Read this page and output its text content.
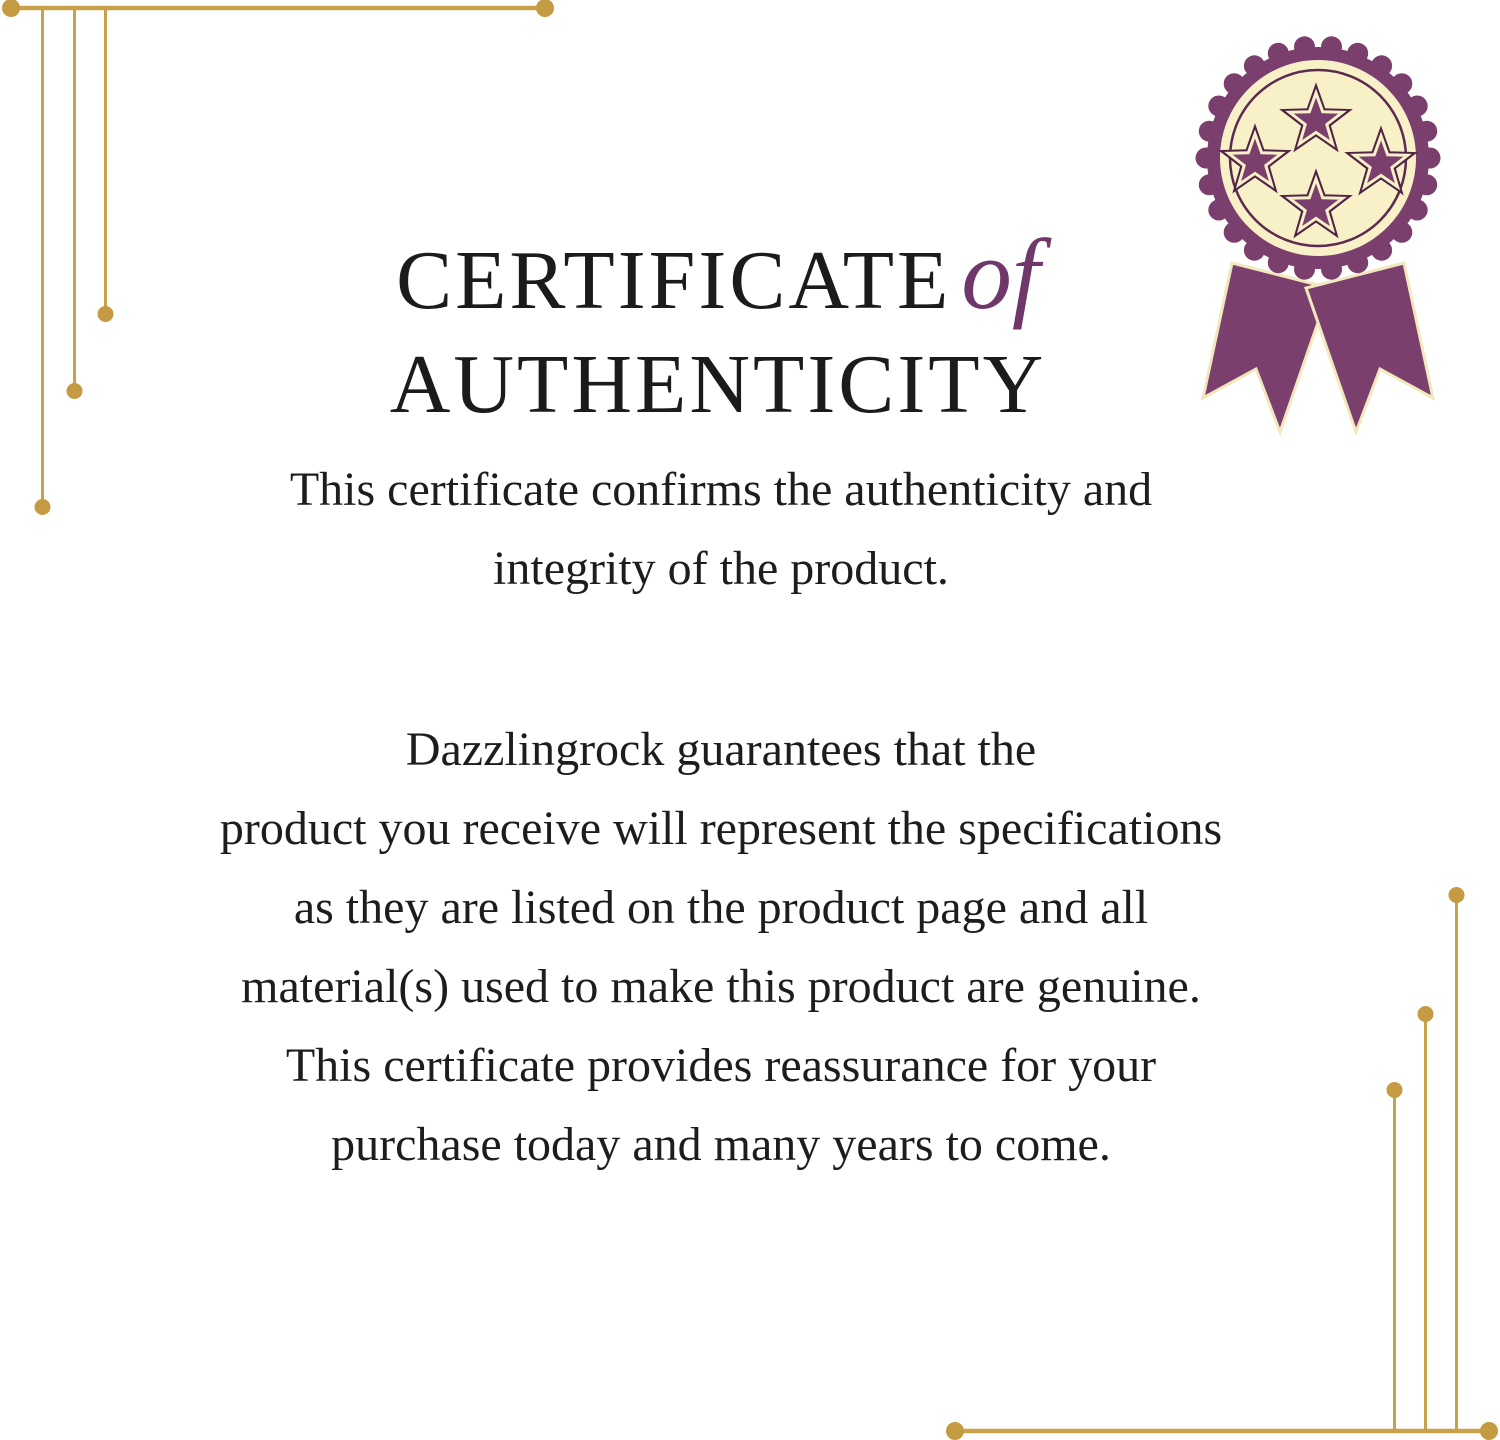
CERTIFICATEof
AUTHENTICITY
This certificate confirms the authenticity and
integrity of the product.
Dazzlingrock guarantees that the
product you receive will represent the specifications
as they are listed on the product page and all
material(s) used to make this product are genuine.
This certificate provides reassurance for your
purchase today and many years to come.
